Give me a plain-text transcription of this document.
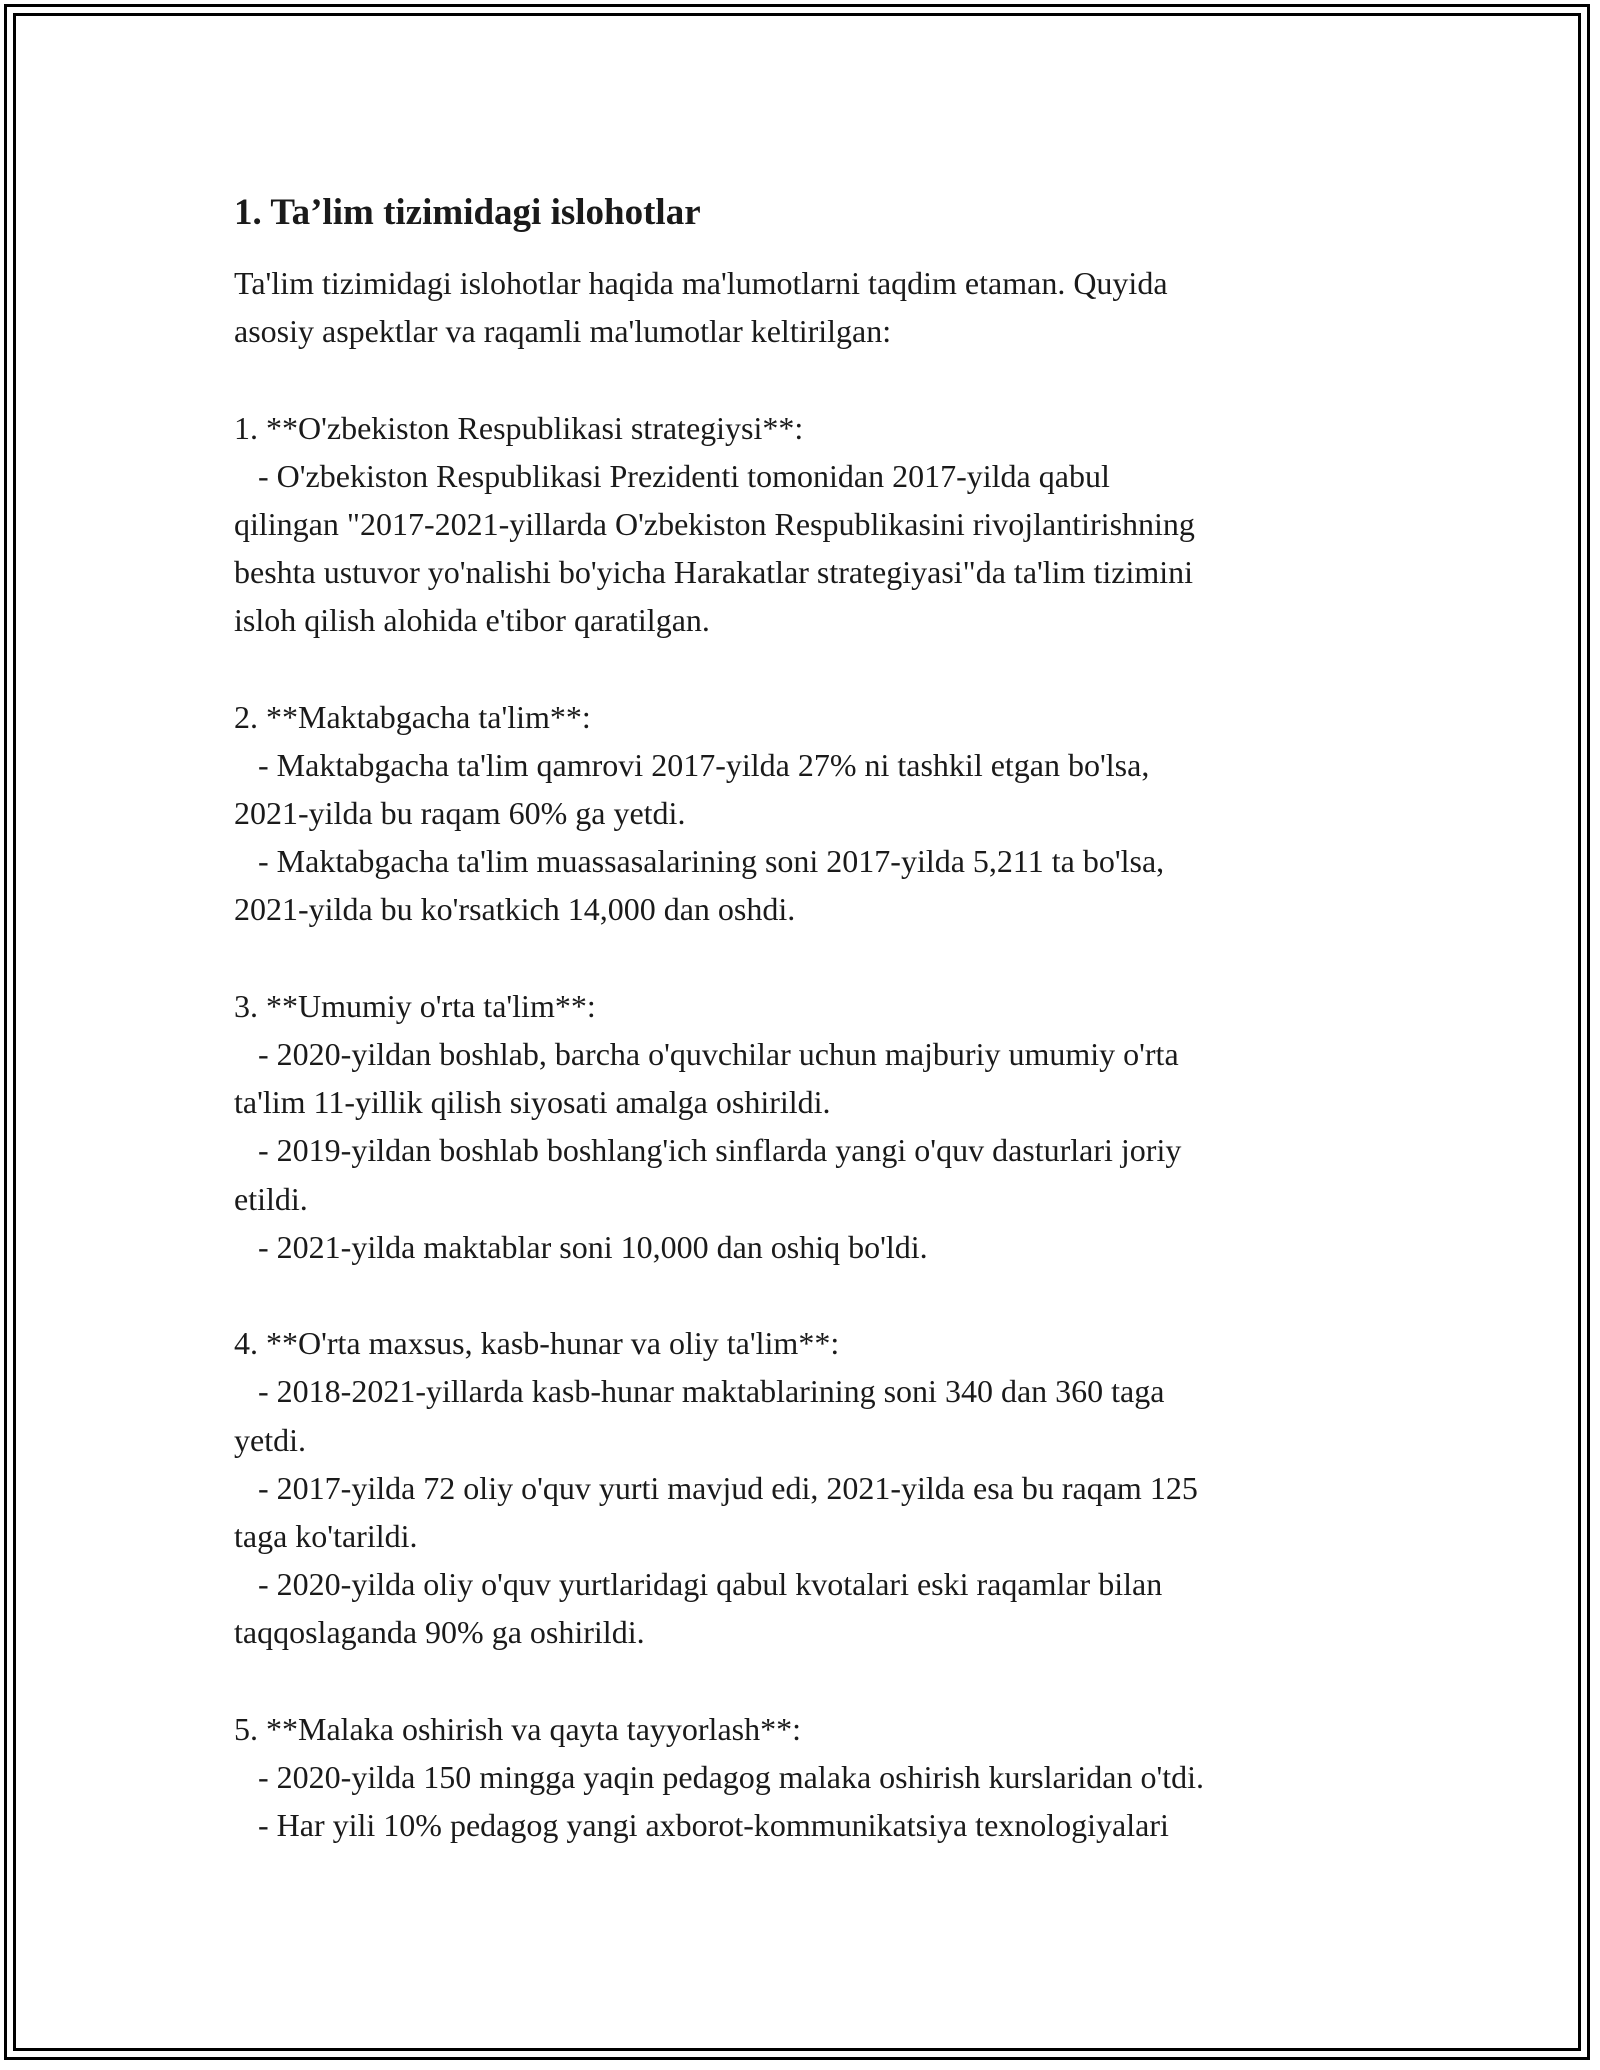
1. Ta’lim tizimidagi islohotlar
Ta'lim tizimidagi islohotlar haqida ma'lumotlarni taqdim etaman. Quyida
asosiy aspektlar va raqamli ma'lumotlar keltirilgan:
1. **O'zbekiston Respublikasi strategiysi**:
- O'zbekiston Respublikasi Prezidenti tomonidan 2017-yilda qabul
qilingan "2017-2021-yillarda O'zbekiston Respublikasini rivojlantirishning
beshta ustuvor yo'nalishi bo'yicha Harakatlar strategiyasi"da ta'lim tizimini
isloh qilish alohida e'tibor qaratilgan.
2. **Maktabgacha ta'lim**:
- Maktabgacha ta'lim qamrovi 2017-yilda 27% ni tashkil etgan bo'lsa,
2021-yilda bu raqam 60% ga yetdi.
- Maktabgacha ta'lim muassasalarining soni 2017-yilda 5,211 ta bo'lsa,
2021-yilda bu ko'rsatkich 14,000 dan oshdi.
3. **Umumiy o'rta ta'lim**:
- 2020-yildan boshlab, barcha o'quvchilar uchun majburiy umumiy o'rta
ta'lim 11-yillik qilish siyosati amalga oshirildi.
- 2019-yildan boshlab boshlang'ich sinflarda yangi o'quv dasturlari joriy
etildi.
- 2021-yilda maktablar soni 10,000 dan oshiq bo'ldi.
4. **O'rta maxsus, kasb-hunar va oliy ta'lim**:
- 2018-2021-yillarda kasb-hunar maktablarining soni 340 dan 360 taga
yetdi.
- 2017-yilda 72 oliy o'quv yurti mavjud edi, 2021-yilda esa bu raqam 125
taga ko'tarildi.
- 2020-yilda oliy o'quv yurtlaridagi qabul kvotalari eski raqamlar bilan
taqqoslaganda 90% ga oshirildi.
5. **Malaka oshirish va qayta tayyorlash**:
- 2020-yilda 150 mingga yaqin pedagog malaka oshirish kurslaridan o'tdi.
- Har yili 10% pedagog yangi axborot-kommunikatsiya texnologiyalari
